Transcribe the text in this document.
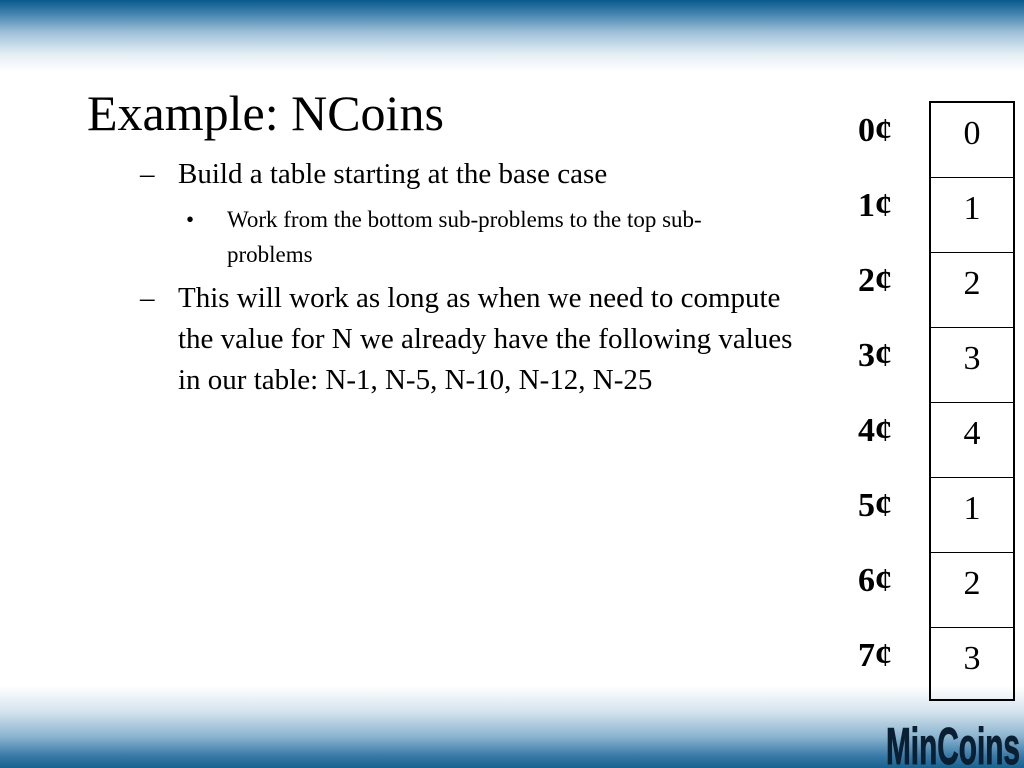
Example: NCoins
– Build a table starting at the base case
• Work from the bottom sub-problems to the top sub-problems
– This will work as long as when we need to compute the value for N we already have the following values in our table: N-1, N-5, N-10, N-12, N-25
0¢
1¢
2¢
3¢
4¢
5¢
6¢
7¢
0
1
2
3
4
1
2
3
MinCoins
